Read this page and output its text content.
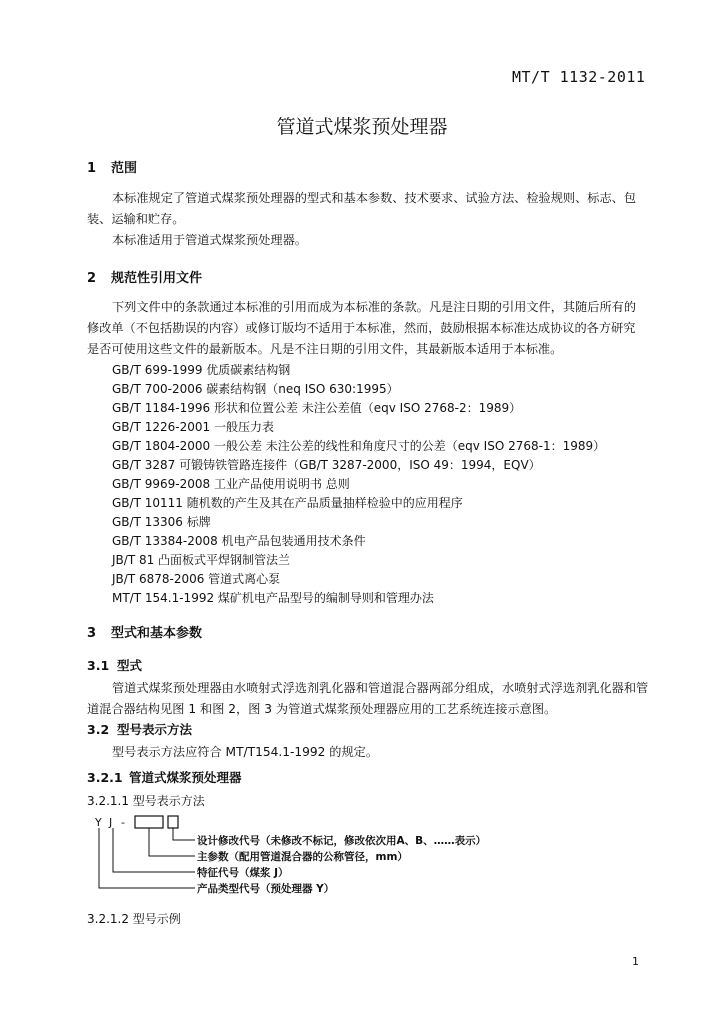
MT/T 1132-2011
管道式煤浆预处理器
1 范围
本标准规定了管道式煤浆预处理器的型式和基本参数、技术要求、试验方法、检验规则、标志、包装、运输和贮存。
本标准适用于管道式煤浆预处理器。
2 规范性引用文件
下列文件中的条款通过本标准的引用而成为本标准的条款。凡是注日期的引用文件，其随后所有的修改单（不包括勘误的内容）或修订版均不适用于本标准，然而，鼓励根据本标准达成协议的各方研究是否可使用这些文件的最新版本。凡是不注日期的引用文件，其最新版本适用于本标准。
GB/T 699-1999 优质碳素结构钢
GB/T 700-2006 碳素结构钢（neq ISO 630:1995）
GB/T 1184-1996 形状和位置公差 未注公差值（eqv ISO 2768-2：1989）
GB/T 1226-2001 一般压力表
GB/T 1804-2000 一般公差 未注公差的线性和角度尺寸的公差（eqv ISO 2768-1：1989）
GB/T 3287 可锻铸铁管路连接件（GB/T 3287-2000，ISO 49：1994，EQV）
GB/T 9969-2008 工业产品使用说明书 总则
GB/T 10111 随机数的产生及其在产品质量抽样检验中的应用程序
GB/T 13306 标牌
GB/T 13384-2008 机电产品包装通用技术条件
JB/T 81 凸面板式平焊钢制管法兰
JB/T 6878-2006 管道式离心泵
MT/T 154.1-1992 煤矿机电产品型号的编制导则和管理办法
3 型式和基本参数
3.1 型式
管道式煤浆预处理器由水喷射式浮选剂乳化器和管道混合器两部分组成，水喷射式浮选剂乳化器和管道混合器结构见图 1 和图 2，图 3 为管道式煤浆预处理器应用的工艺系统连接示意图。
3.2 型号表示方法
型号表示方法应符合 MT/T154.1-1992 的规定。
3.2.1 管道式煤浆预处理器
3.2.1.1 型号表示方法
Y J -
设计修改代号（未修改不标记，修改依次用A、B、……表示）
主参数（配用管道混合器的公称管径，mm）
特征代号（煤浆 J）
产品类型代号（预处理器 Y）
3.2.1.2 型号示例
1
